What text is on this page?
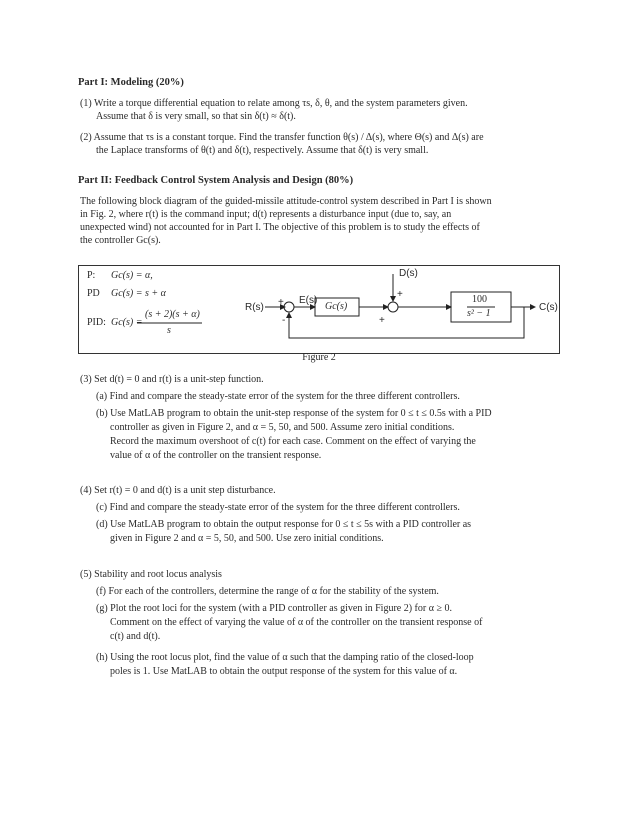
Part I: Modeling (20%)
(1) Write a torque differential equation to relate among τs, δ, θ, and the system parameters given.
Assume that δ is very small, so that sin δ(t) ≈ δ(t).
(2) Assume that τs is a constant torque. Find the transfer function θ(s) / Δ(s), where Θ(s) and Δ(s) are
the Laplace transforms of θ(t) and δ(t), respectively. Assume that δ(t) is very small.
Part II: Feedback Control System Analysis and Design (80%)
The following block diagram of the guided-missile attitude-control system described in Part I is shown
in Fig. 2, where r(t) is the command input; d(t) represents a disturbance input (due to, say, an
unexpected wind) not accounted for in Part I. The objective of this problem is to study the effects of
the controller Gc(s).
P: Gc(s) = α,
PD Gc(s) = s + α
PID: Gc(s) =
(s + 2)(s + α)
s
R(s)
E(s)
Gc(s)
D(s)
100
s² − 1
C(s)
+
-
+
+
Figure 2
(3) Set d(t) = 0 and r(t) is a unit-step function.
(a) Find and compare the steady-state error of the system for the three different controllers.
(b) Use MatLAB program to obtain the unit-step response of the system for 0 ≤ t ≤ 0.5s with a PID
controller as given in Figure 2, and α = 5, 50, and 500. Assume zero initial conditions.
Record the maximum overshoot of c(t) for each case. Comment on the effect of varying the
value of α of the controller on the transient response.
(4) Set r(t) = 0 and d(t) is a unit step disturbance.
(c) Find and compare the steady-state error of the system for the three different controllers.
(d) Use MatLAB program to obtain the output response for 0 ≤ t ≤ 5s with a PID controller as
given in Figure 2 and α = 5, 50, and 500. Use zero initial conditions.
(5) Stability and root locus analysis
(f) For each of the controllers, determine the range of α for the stability of the system.
(g) Plot the root loci for the system (with a PID controller as given in Figure 2) for α ≥ 0.
Comment on the effect of varying the value of α of the controller on the transient response of
c(t) and d(t).
(h) Using the root locus plot, find the value of α such that the damping ratio of the closed-loop
poles is 1. Use MatLAB to obtain the output response of the system for this value of α.
